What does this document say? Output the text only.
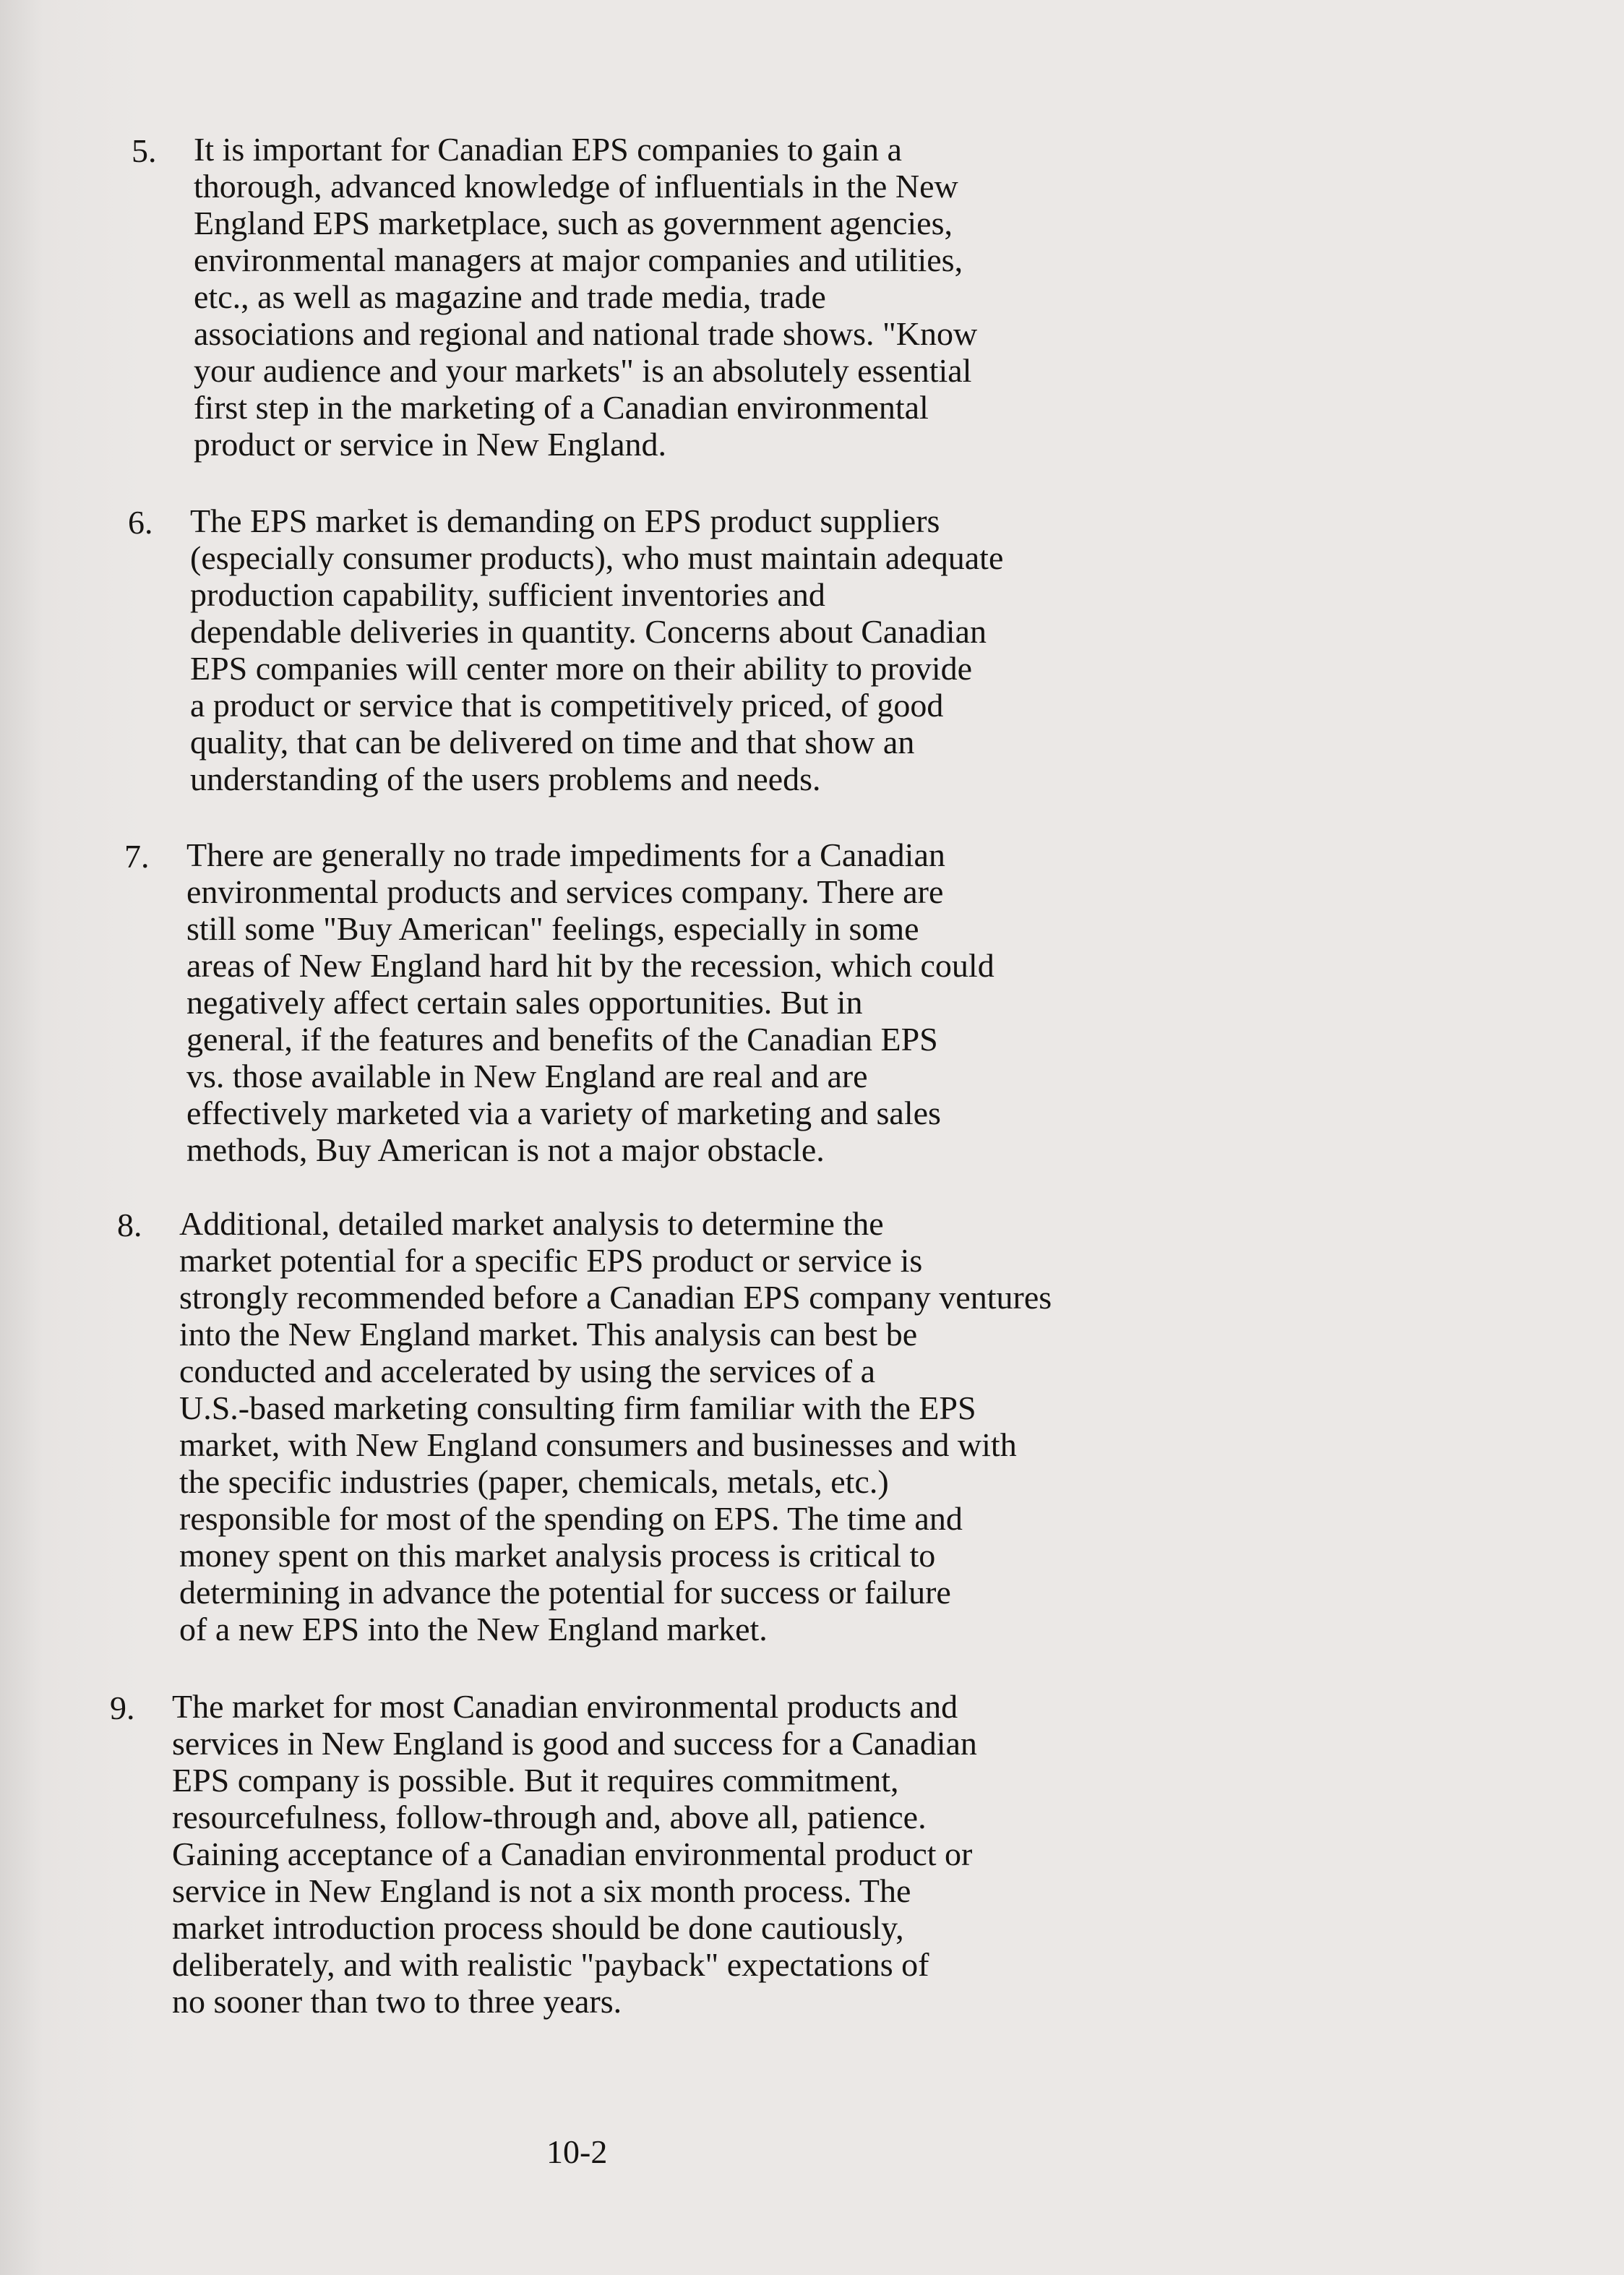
5. It is important for Canadian EPS companies to gain a
thorough, advanced knowledge of influentials in the New
England EPS marketplace, such as government agencies,
environmental managers at major companies and utilities,
etc., as well as magazine and trade media, trade
associations and regional and national trade shows. "Know
your audience and your markets" is an absolutely essential
first step in the marketing of a Canadian environmental
product or service in New England.
6. The EPS market is demanding on EPS product suppliers
(especially consumer products), who must maintain adequate
production capability, sufficient inventories and
dependable deliveries in quantity. Concerns about Canadian
EPS companies will center more on their ability to provide
a product or service that is competitively priced, of good
quality, that can be delivered on time and that show an
understanding of the users problems and needs.
7. There are generally no trade impediments for a Canadian
environmental products and services company. There are
still some "Buy American" feelings, especially in some
areas of New England hard hit by the recession, which could
negatively affect certain sales opportunities. But in
general, if the features and benefits of the Canadian EPS
vs. those available in New England are real and are
effectively marketed via a variety of marketing and sales
methods, Buy American is not a major obstacle.
8. Additional, detailed market analysis to determine the
market potential for a specific EPS product or service is
strongly recommended before a Canadian EPS company ventures
into the New England market. This analysis can best be
conducted and accelerated by using the services of a
U.S.-based marketing consulting firm familiar with the EPS
market, with New England consumers and businesses and with
the specific industries (paper, chemicals, metals, etc.)
responsible for most of the spending on EPS. The time and
money spent on this market analysis process is critical to
determining in advance the potential for success or failure
of a new EPS into the New England market.
9. The market for most Canadian environmental products and
services in New England is good and success for a Canadian
EPS company is possible. But it requires commitment,
resourcefulness, follow-through and, above all, patience.
Gaining acceptance of a Canadian environmental product or
service in New England is not a six month process. The
market introduction process should be done cautiously,
deliberately, and with realistic "payback" expectations of
no sooner than two to three years.
10-2
